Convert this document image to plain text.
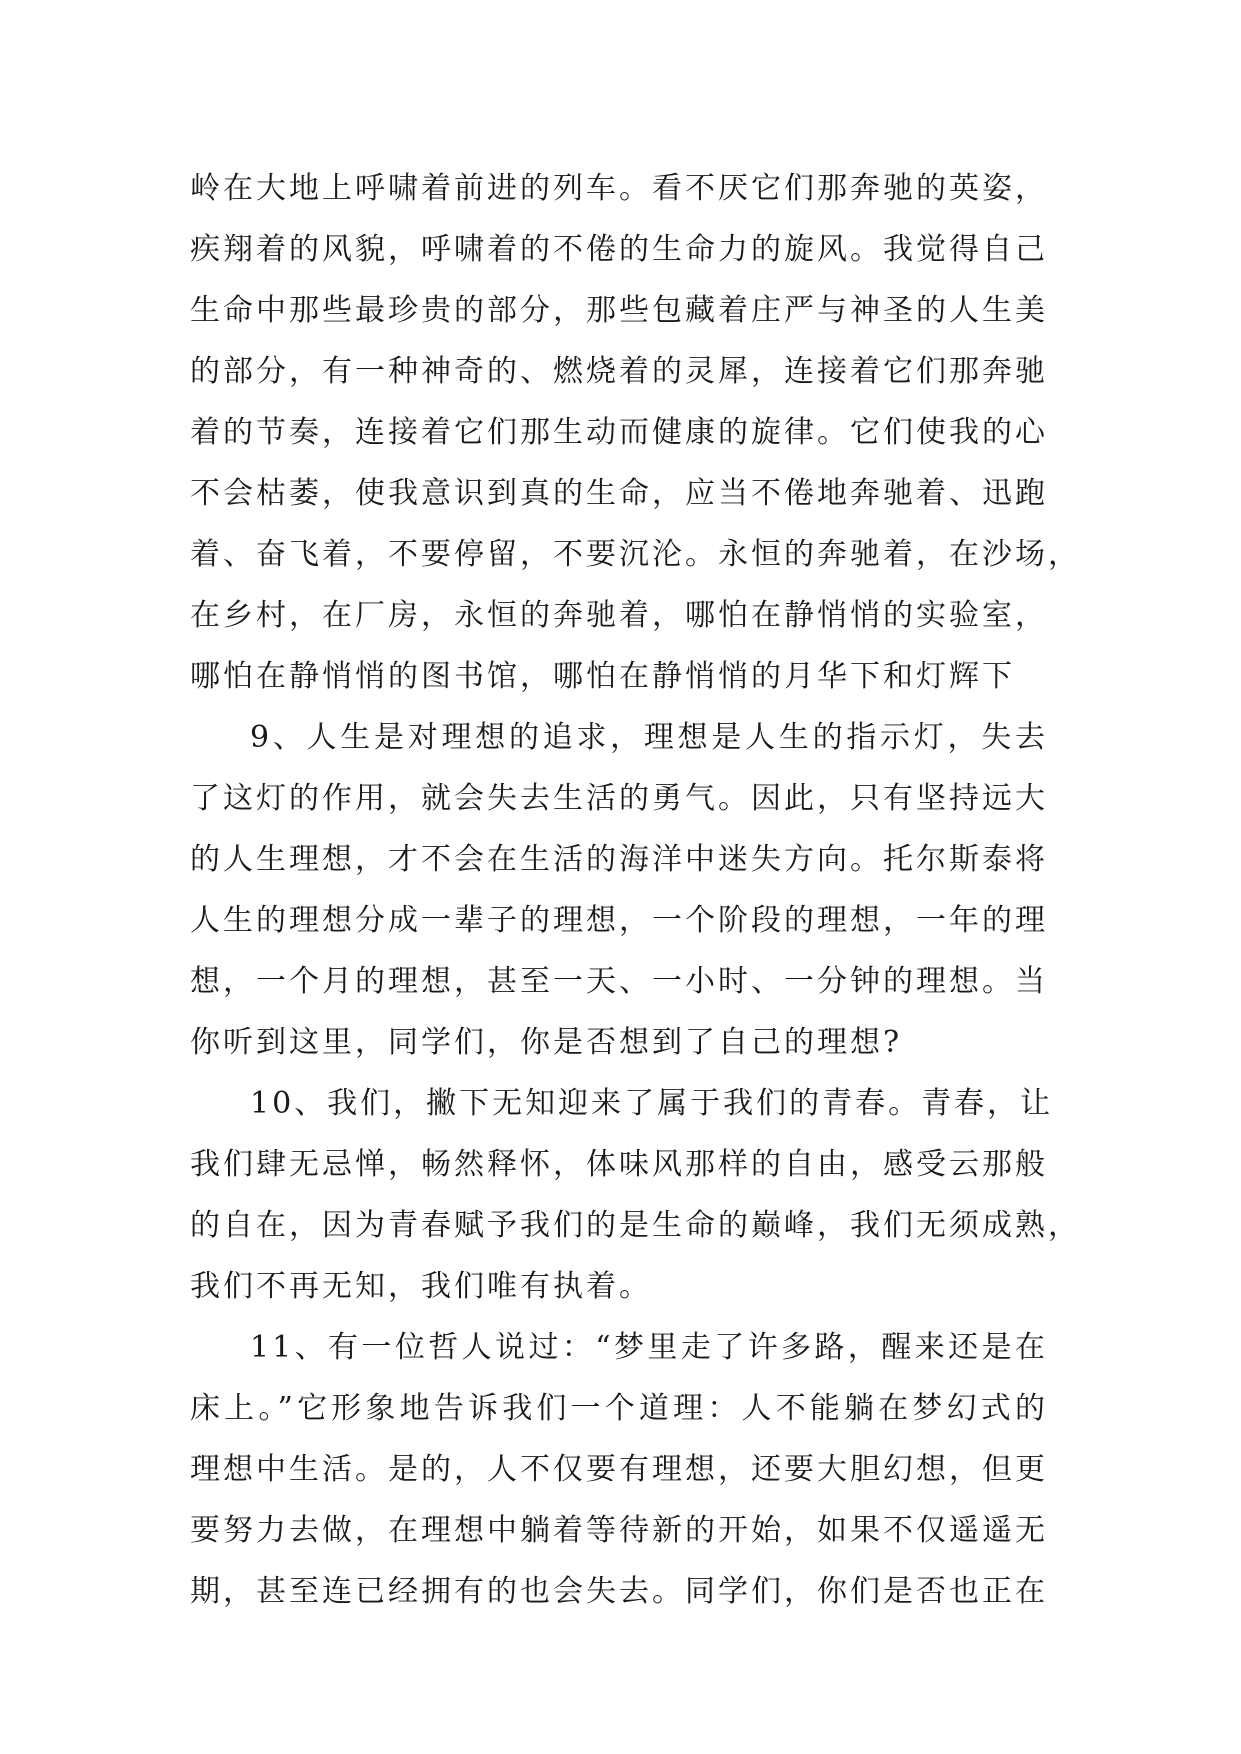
岭在大地上呼啸着前进的列车。看不厌它们那奔驰的英姿，
疾翔着的风貌，呼啸着的不倦的生命力的旋风。我觉得自己
生命中那些最珍贵的部分，那些包藏着庄严与神圣的人生美
的部分，有一种神奇的、燃烧着的灵犀，连接着它们那奔驰
着的节奏，连接着它们那生动而健康的旋律。它们使我的心
不会枯萎，使我意识到真的生命，应当不倦地奔驰着、迅跑
着、奋飞着，不要停留，不要沉沦。永恒的奔驰着，在沙场，
在乡村，在厂房，永恒的奔驰着，哪怕在静悄悄的实验室，
哪怕在静悄悄的图书馆，哪怕在静悄悄的月华下和灯辉下
9、人生是对理想的追求，理想是人生的指示灯，失去
了这灯的作用，就会失去生活的勇气。因此，只有坚持远大
的人生理想，才不会在生活的海洋中迷失方向。托尔斯泰将
人生的理想分成一辈子的理想，一个阶段的理想，一年的理
想，一个月的理想，甚至一天、一小时、一分钟的理想。当
你听到这里，同学们，你是否想到了自己的理想?
10、我们，撇下无知迎来了属于我们的青春。青春，让
我们肆无忌惮，畅然释怀，体味风那样的自由，感受云那般
的自在，因为青春赋予我们的是生命的巅峰，我们无须成熟，
我们不再无知，我们唯有执着。
11、有一位哲人说过：“梦里走了许多路，醒来还是在
床上。”它形象地告诉我们一个道理：人不能躺在梦幻式的
理想中生活。是的，人不仅要有理想，还要大胆幻想，但更
要努力去做，在理想中躺着等待新的开始，如果不仅遥遥无
期，甚至连已经拥有的也会失去。同学们，你们是否也正在
